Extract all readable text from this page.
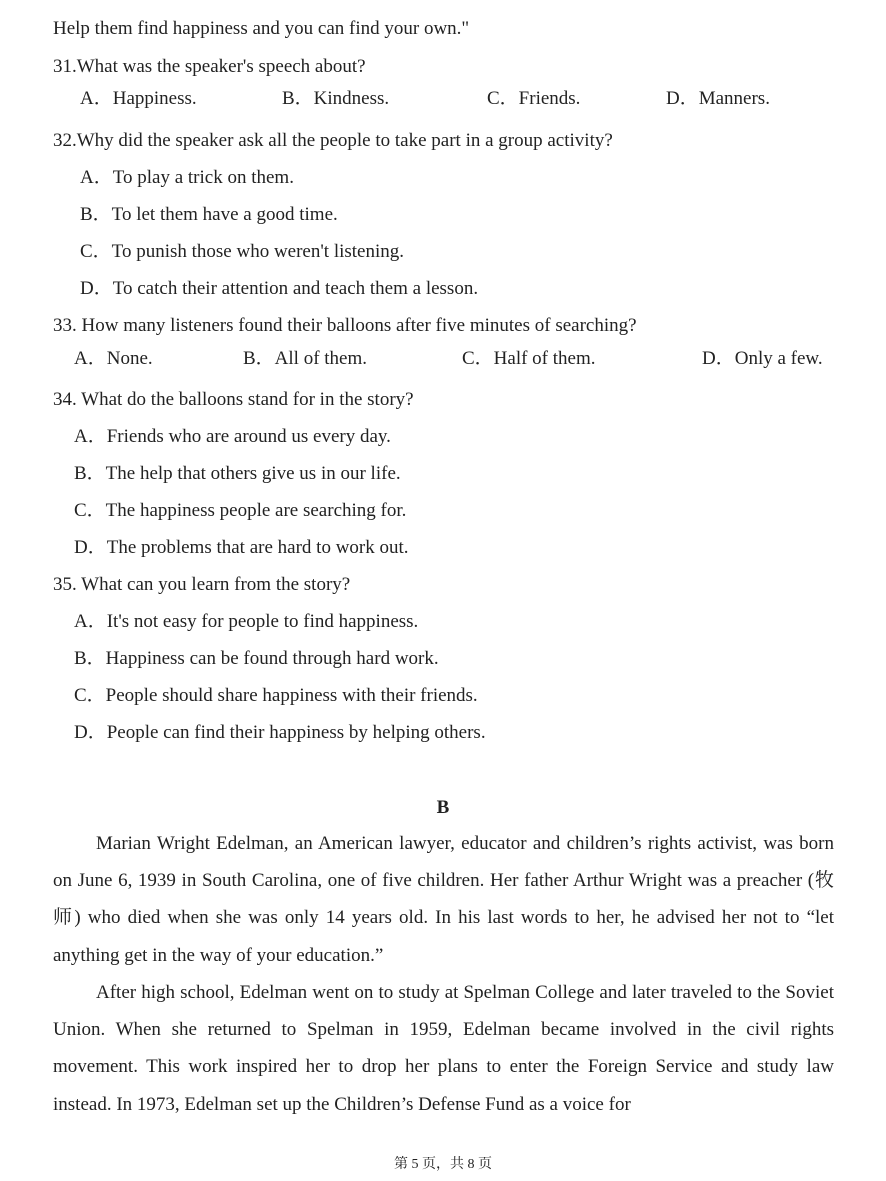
Help them find happiness and you can find your own."
31.What was the speaker's speech about?
A．Happiness.	B．Kindness.	C．Friends.	D．Manners.
32.Why did the speaker ask all the people to take part in a group activity?
A．To play a trick on them.
B．To let them have a good time.
C．To punish those who weren't listening.
D．To catch their attention and teach them a lesson.
33. How many listeners found their balloons after five minutes of searching?
A．None.	B．All of them.	C．Half of them.	D．Only a few.
34. What do the balloons stand for in the story?
A．Friends who are around us every day.
B．The help that others give us in our life.
C．The happiness people are searching for.
D．The problems that are hard to work out.
35. What can you learn from the story?
A．It's not easy for people to find happiness.
B．Happiness can be found through hard work.
C．People should share happiness with their friends.
D．People can find their happiness by helping others.
B
Marian Wright Edelman, an American lawyer, educator and children’s rights activist, was born on June 6, 1939 in South Carolina, one of five children. Her father Arthur Wright was a preacher (牧师) who died when she was only 14 years old. In his last words to her, he advised her not to “let anything get in the way of your education.”
After high school, Edelman went on to study at Spelman College and later traveled to the Soviet Union. When she returned to Spelman in 1959, Edelman became involved in the civil rights movement. This work inspired her to drop her plans to enter the Foreign Service and study law instead. In 1973, Edelman set up the Children’s Defense Fund as a voice for
第 5 页，共 8 页
